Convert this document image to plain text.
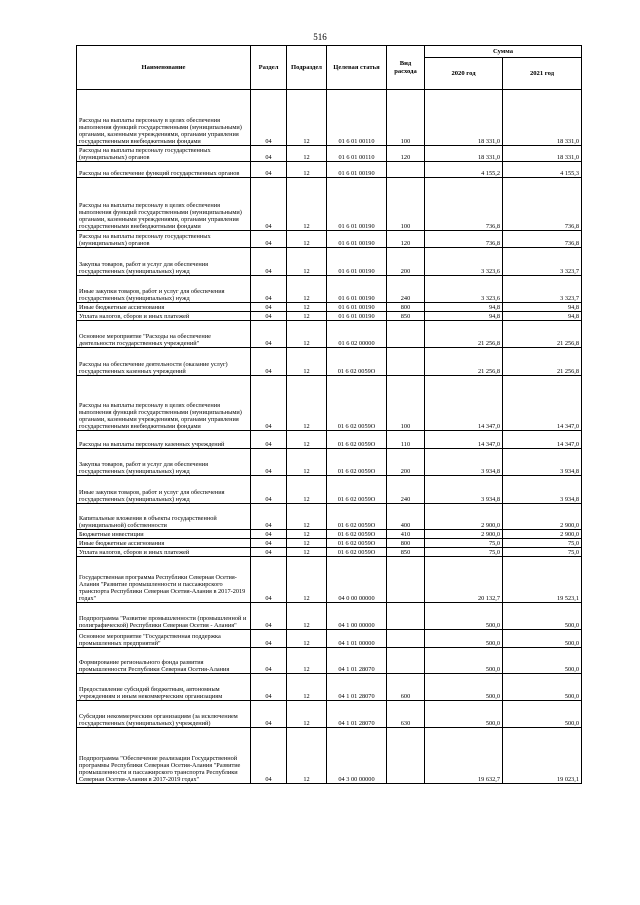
516
Наименование	Раздел	Подраздел	Целевая статья	Вид расхода	Сумма	
					2020 год	2021 год
Расходы на выплаты персоналу в целях обеспечения выполнения функций государственными (муниципальными) органами, казенными учреждениями, органами управления государственными внебюджетными фондами	04	12	01 6 01 00110	100	18 331,0	18 331,0
Расходы на выплаты персоналу государственных (муниципальных) органов	04	12	01 6 01 00110	120	18 331,0	18 331,0
Расходы на обеспечение функций государственных органов	04	12	01 6 01 00190		4 155,2	4 155,3
Расходы на выплаты персоналу в целях обеспечения выполнения функций государственными (муниципальными) органами, казенными учреждениями, органами управления государственными внебюджетными фондами	04	12	01 6 01 00190	100	736,8	736,8
Расходы на выплаты персоналу государственных (муниципальных) органов	04	12	01 6 01 00190	120	736,8	736,8
Закупка товаров, работ и услуг для обеспечения государственных (муниципальных) нужд	04	12	01 6 01 00190	200	3 323,6	3 323,7
Иные закупки товаров, работ и услуг для обеспечения государственных (муниципальных) нужд	04	12	01 6 01 00190	240	3 323,6	3 323,7
Иные бюджетные ассигнования	04	12	01 6 01 00190	800	94,8	94,8
Уплата налогов, сборов и иных платежей	04	12	01 6 01 00190	850	94,8	94,8
Основное мероприятие "Расходы на обеспечение деятельности государственных учреждений"	04	12	01 6 02 00000		21 256,8	21 256,8
Расходы на обеспечение деятельности (оказание услуг) государственных казенных учреждений	04	12	01 6 02 0059О		21 256,8	21 256,8
Расходы на выплаты персоналу в целях обеспечения выполнения функций государственными (муниципальными) органами, казенными учреждениями, органами управления государственными внебюджетными фондами	04	12	01 6 02 0059О	100	14 347,0	14 347,0
Расходы на выплаты персоналу казенных учреждений	04	12	01 6 02 0059О	110	14 347,0	14 347,0
Закупка товаров, работ и услуг для обеспечения государственных (муниципальных) нужд	04	12	01 6 02 0059О	200	3 934,8	3 934,8
Иные закупки товаров, работ и услуг для обеспечения государственных (муниципальных) нужд	04	12	01 6 02 0059О	240	3 934,8	3 934,8
Капитальные вложения в объекты государственной (муниципальной) собственности	04	12	01 6 02 0059О	400	2 900,0	2 900,0
Бюджетные инвестиции	04	12	01 6 02 0059О	410	2 900,0	2 900,0
Иные бюджетные ассигнования	04	12	01 6 02 0059О	800	75,0	75,0
Уплата налогов, сборов и иных платежей	04	12	01 6 02 0059О	850	75,0	75,0
Государственная программа Республики Северная Осетия-Алания "Развитие промышленности и пассажирского транспорта Республики Северная Осетия-Алания в 2017-2019 годах"	04	12	04 0 00 00000		20 132,7	19 523,1
Подпрограмма "Развитие промышленности (промышленной и полиграфической) Республики Северная Осетия - Алания"	04	12	04 1 00 00000		500,0	500,0
Основное мероприятие "Государственная поддержка промышленных предприятий"	04	12	04 1 01 00000		500,0	500,0
Формирование регионального фонда развития промышленности Республики Северная Осетия-Алания	04	12	04 1 01 28070		500,0	500,0
Предоставление субсидий бюджетным, автономным учреждениям и иным некоммерческим организациям	04	12	04 1 01 28070	600	500,0	500,0
Субсидии некоммерческим организациям (за исключением государственных (муниципальных) учреждений)	04	12	04 1 01 28070	630	500,0	500,0
Подпрограмма "Обеспечение реализации Государственной программы Республики Северная Осетия-Алания "Развитие промышленности и пассажирского транспорта Республики Северная Осетия-Алания в 2017-2019 годах"	04	12	04 3 00 00000		19 632,7	19 023,1
